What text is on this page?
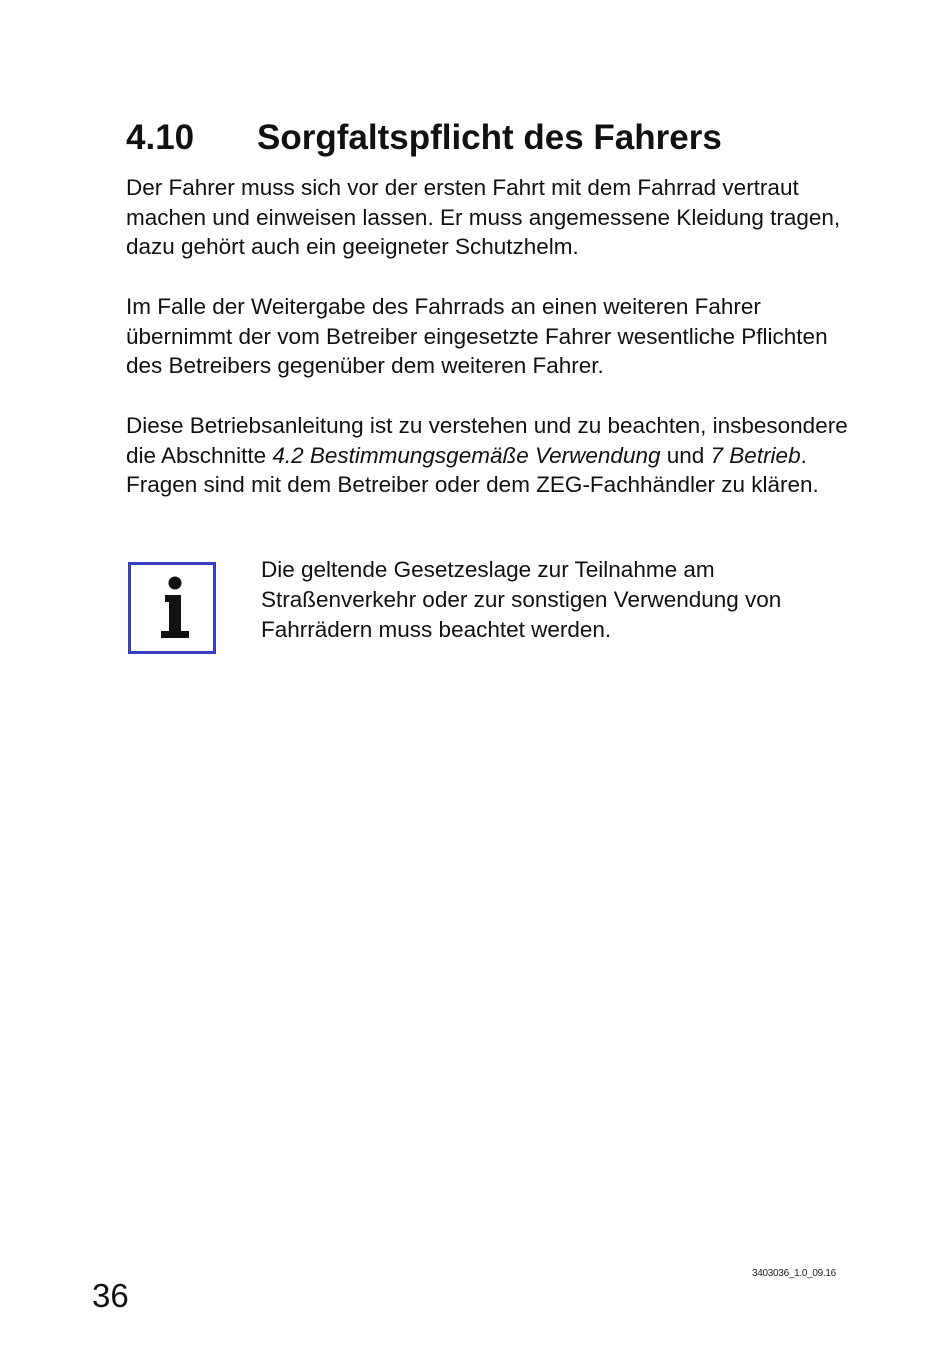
4.10 Sorgfaltspflicht des Fahrers

Der Fahrer muss sich vor der ersten Fahrt mit dem Fahrrad vertraut machen und einweisen lassen. Er muss angemessene Kleidung tragen, dazu gehört auch ein geeigneter Schutzhelm.

Im Falle der Weitergabe des Fahrrads an einen weiteren Fahrer übernimmt der vom Betreiber eingesetzte Fahrer wesentliche Pflichten des Betreibers gegenüber dem weiteren Fahrer.

Diese Betriebsanleitung ist zu verstehen und zu beachten, insbesondere die Abschnitte 4.2 Bestimmungsgemäße Verwendung und 7 Betrieb. Fragen sind mit dem Betreiber oder dem ZEG-Fachhändler zu klären.

Die geltende Gesetzeslage zur Teilnahme am Straßenverkehr oder zur sonstigen Verwendung von Fahrrädern muss beachtet werden.

36
3403036_1.0_09.16
